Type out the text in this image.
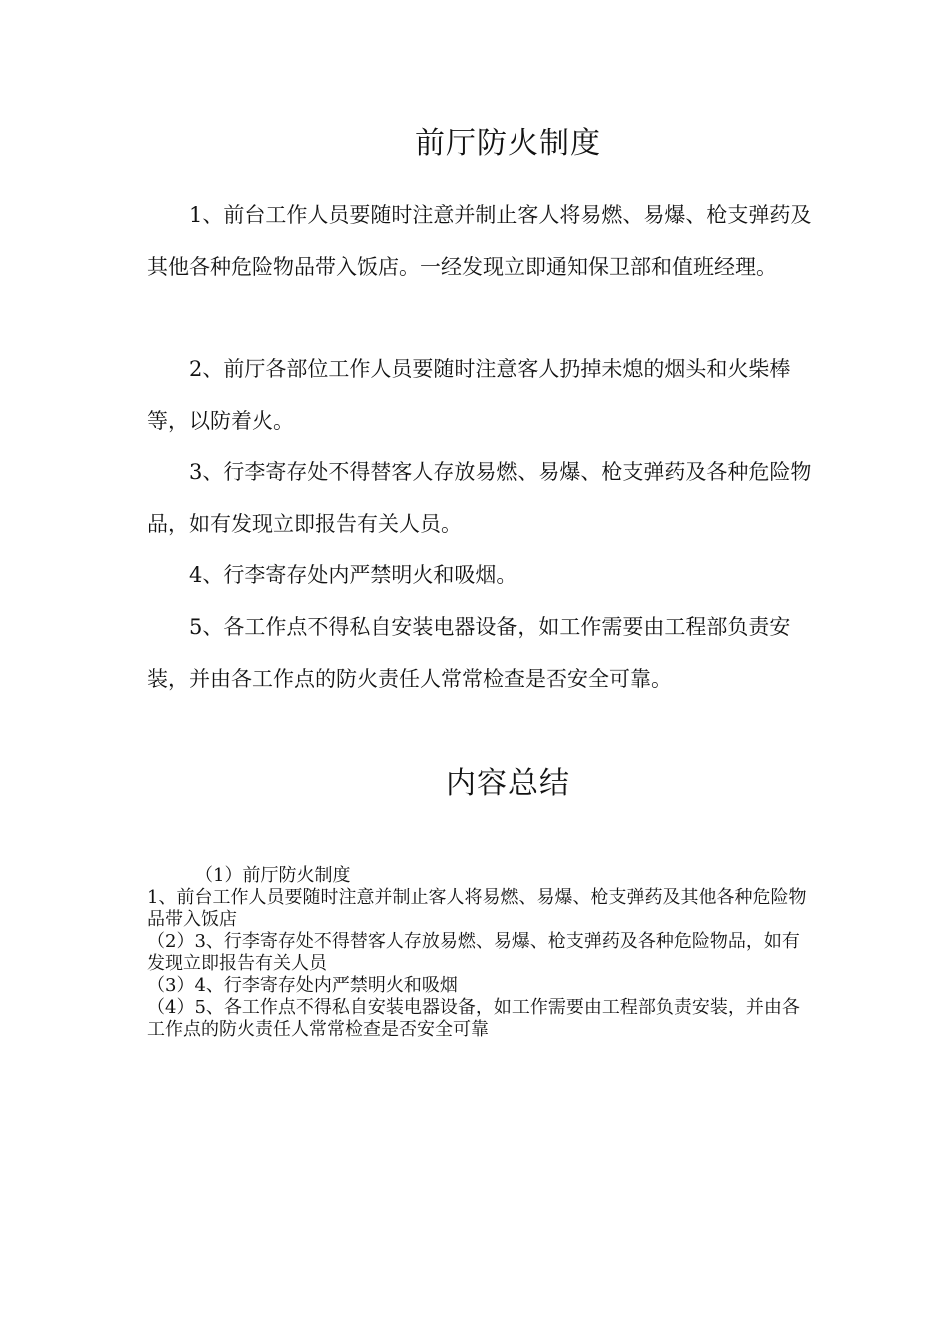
前厅防火制度

1、前台工作人员要随时注意并制止客人将易燃、易爆、枪支弹药及其他各种危险物品带入饭店。一经发现立即通知保卫部和值班经理。

2、前厅各部位工作人员要随时注意客人扔掉未熄的烟头和火柴棒等，以防着火。

3、行李寄存处不得替客人存放易燃、易爆、枪支弹药及各种危险物品，如有发现立即报告有关人员。

4、行李寄存处内严禁明火和吸烟。

5、各工作点不得私自安装电器设备，如工作需要由工程部负责安装，并由各工作点的防火责任人常常检查是否安全可靠。

内容总结

（1）前厅防火制度

1、前台工作人员要随时注意并制止客人将易燃、易爆、枪支弹药及其他各种危险物品带入饭店

（2）3、行李寄存处不得替客人存放易燃、易爆、枪支弹药及各种危险物品，如有发现立即报告有关人员

（3）4、行李寄存处内严禁明火和吸烟

（4）5、各工作点不得私自安装电器设备，如工作需要由工程部负责安装，并由各工作点的防火责任人常常检查是否安全可靠
